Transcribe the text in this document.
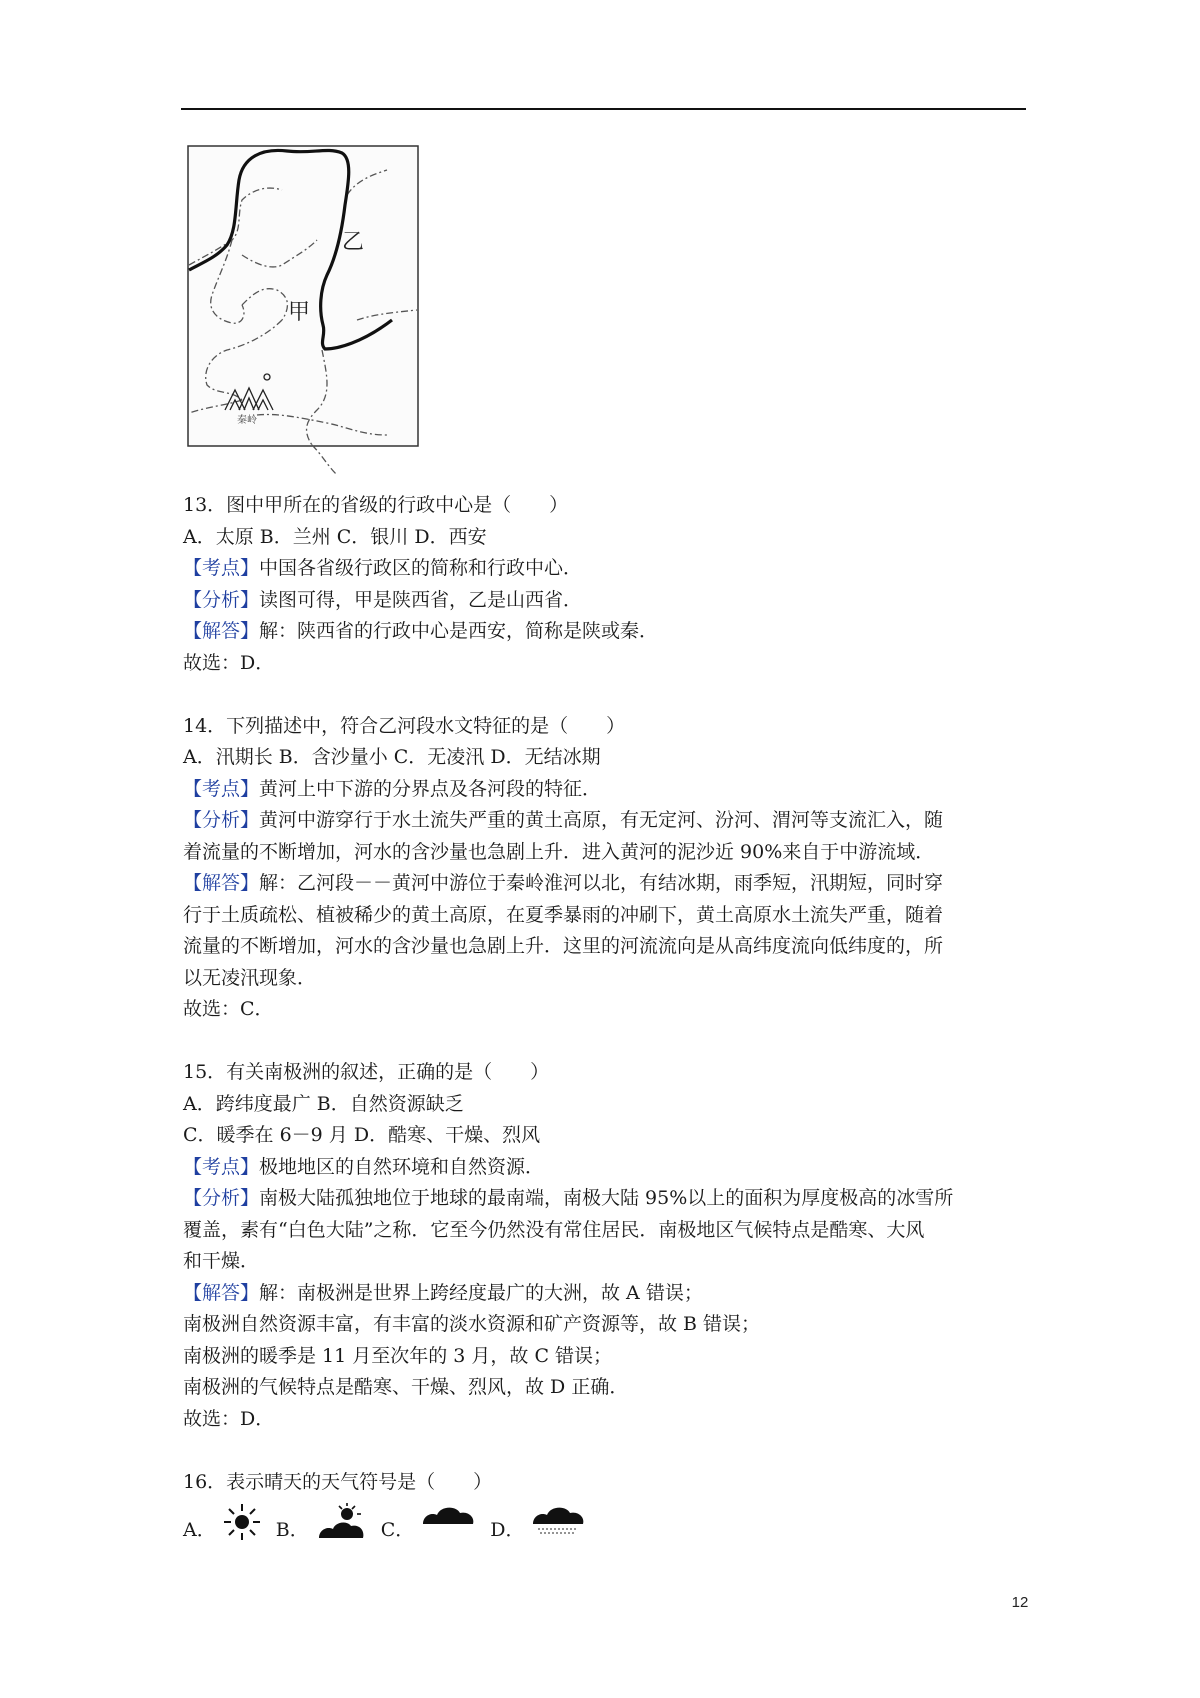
甲
乙
秦岭
13．图中甲所在的省级的行政中心是（　　）
A．太原 B．兰州 C．银川 D．西安
【考点】中国各省级行政区的简称和行政中心．
【分析】读图可得，甲是陕西省，乙是山西省．
【解答】解：陕西省的行政中心是西安，简称是陕或秦．
故选：D．
14．下列描述中，符合乙河段水文特征的是（　　）
A．汛期长 B．含沙量小 C．无凌汛 D．无结冰期
【考点】黄河上中下游的分界点及各河段的特征．
【分析】黄河中游穿行于水土流失严重的黄土高原，有无定河、汾河、渭河等支流汇入，随
着流量的不断增加，河水的含沙量也急剧上升．进入黄河的泥沙近 90%来自于中游流域．
【解答】解：乙河段－－黄河中游位于秦岭淮河以北，有结冰期，雨季短，汛期短，同时穿
行于土质疏松、植被稀少的黄土高原，在夏季暴雨的冲刷下，黄土高原水土流失严重，随着
流量的不断增加，河水的含沙量也急剧上升．这里的河流流向是从高纬度流向低纬度的，所
以无凌汛现象．
故选：C．
15．有关南极洲的叙述，正确的是（　　）
A．跨纬度最广 B．自然资源缺乏
C．暖季在 6－9 月 D．酷寒、干燥、烈风
【考点】极地地区的自然环境和自然资源．
【分析】南极大陆孤独地位于地球的最南端，南极大陆 95%以上的面积为厚度极高的冰雪所
覆盖，素有“白色大陆”之称．它至今仍然没有常住居民．南极地区气候特点是酷寒、大风
和干燥．
【解答】解：南极洲是世界上跨经度最广的大洲，故 A 错误；
南极洲自然资源丰富，有丰富的淡水资源和矿产资源等，故 B 错误；
南极洲的暖季是 11 月至次年的 3 月，故 C 错误；
南极洲的气候特点是酷寒、干燥、烈风，故 D 正确．
故选：D．
16．表示晴天的天气符号是（　　）
A．	B．	C．	D．
12
